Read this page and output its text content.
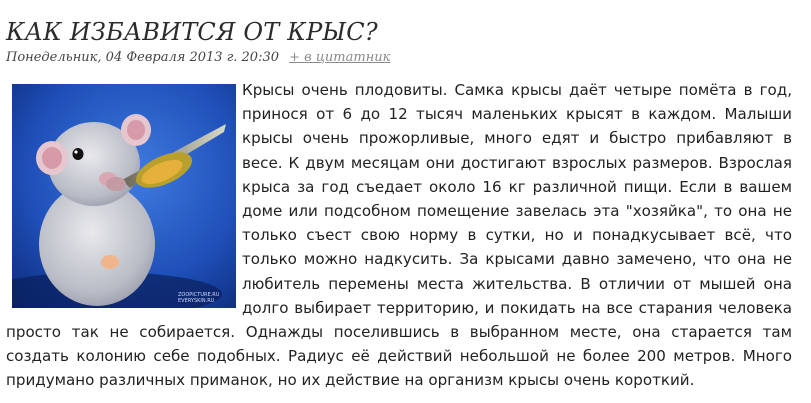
КАК ИЗБАВИТСЯ ОТ КРЫС?
Понедельник, 04 Февраля 2013 г. 20:30 + в цитатник
ZOOPICTURE.RU
EVERYSKIN.RU

Крысы очень плодовиты. Самка крысы даёт четыре помёта в год, принося от 6 до 12 тысяч маленьких крысят в каждом. Малыши крысы очень прожорливые, много едят и быстро прибавляют в весе. К двум месяцам они достигают взрослых размеров. Взрослая крыса за год съедает около 16 кг различной пищи. Если в вашем доме или подсобном помещение завелась эта "хозяйка", то она не только съест свою норму в сутки, но и понадкусывает всё, что только можно надкусить. За крысами давно замечено, что она не любитель перемены места жительства. В отличии от мышей она долго выбирает территорию, и покидать на все старания человека просто так не собирается. Однажды поселившись в выбранном месте, она старается там создать колонию себе подобных. Радиус её действий небольшой не более 200 метров. Много придумано различных приманок, но их действие на организм крысы очень короткий.
